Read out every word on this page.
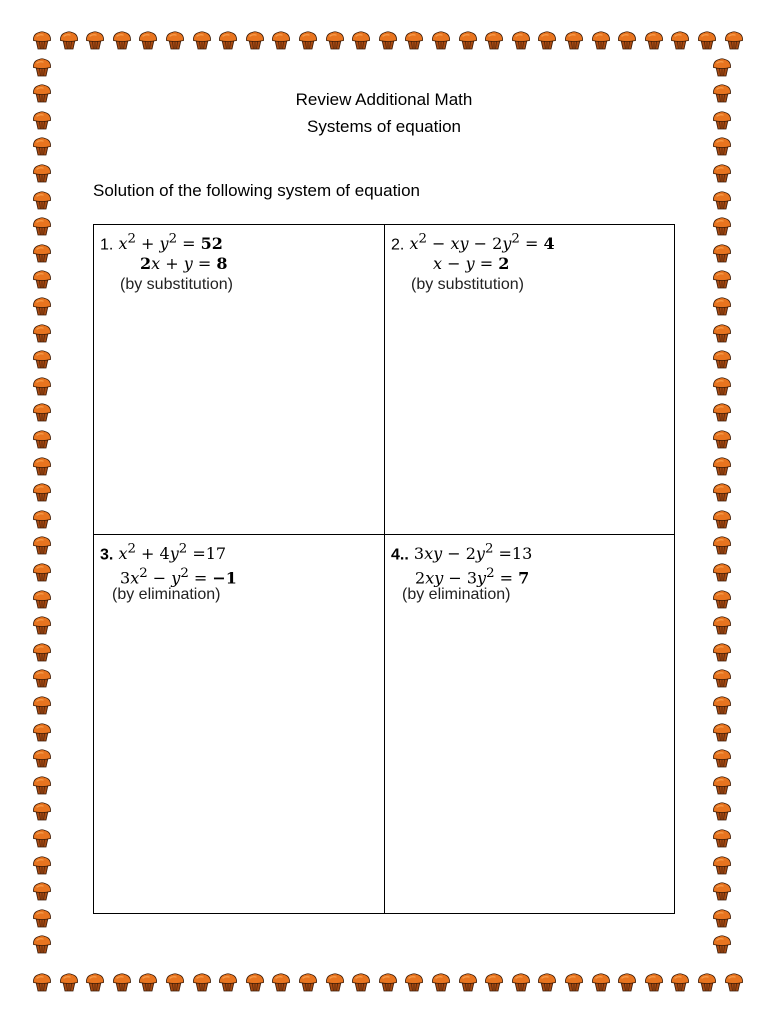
Review Additional Math
Systems of equation
Solution of the following system of equation
1. $x^2 + y^2 = 52$
2x + y = 8
(by substitution)
2. $x^2$ − xy − $2y^2 = 4$
x − y = 2
(by substitution)
3. $x^2 + 4y^2 =17$
$3x^2 - y^2 = -1$
(by elimination)
4.. $3xy - 2y^2 =13$
$2xy - 3y^2 = 7$
(by elimination)
